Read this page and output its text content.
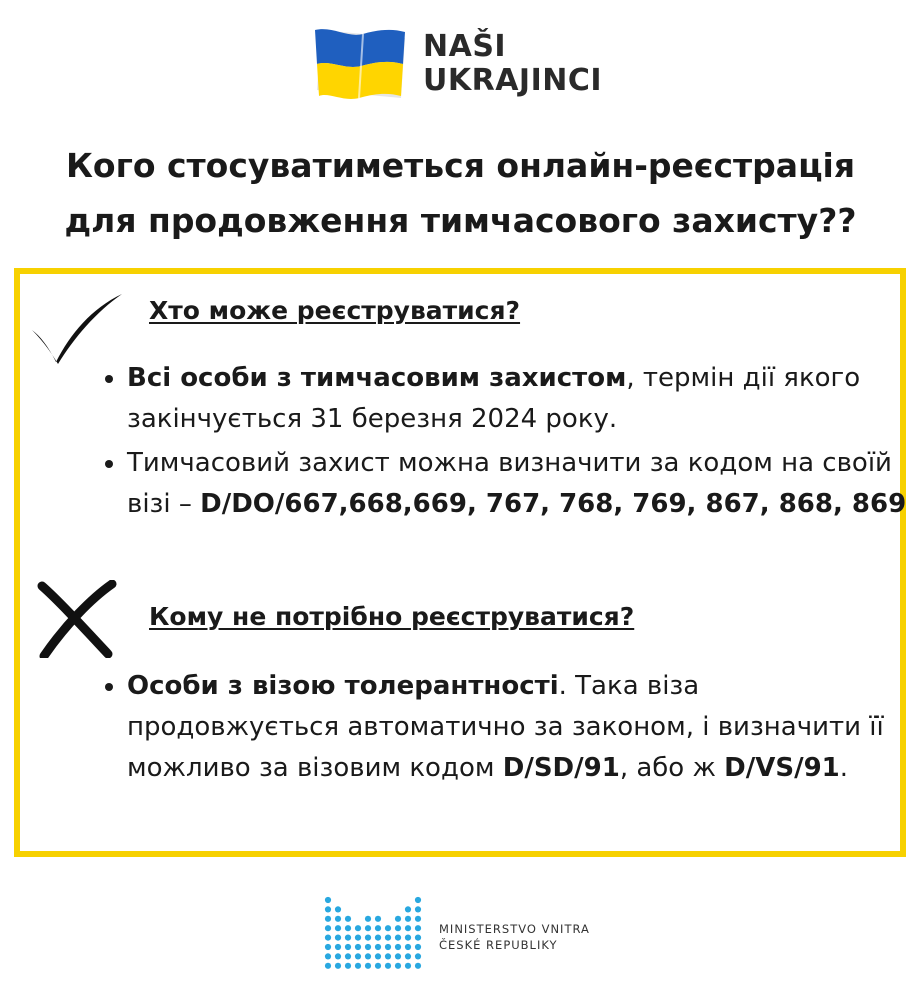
NAŠI
UKRAJINCI
Кого стосуватиметься онлайн-реєстрація
для продовження тимчасового захисту??
Хто може реєструватися?
Всі особи з тимчасовим захистом, термін дії якого закінчується 31 березня 2024 року.
Тимчасовий захист можна визначити за кодом на своїй візі – D/DO/667,668,669, 767, 768, 769, 867, 868, 869
Кому не потрібно реєструватися?
Особи з візою толерантності. Така віза продовжується автоматично за законом, і визначити її можливо за візовим кодом D/SD/91, або ж D/VS/91.
MINISTERSTVO VNITRA
ČESKÉ REPUBLIKY
